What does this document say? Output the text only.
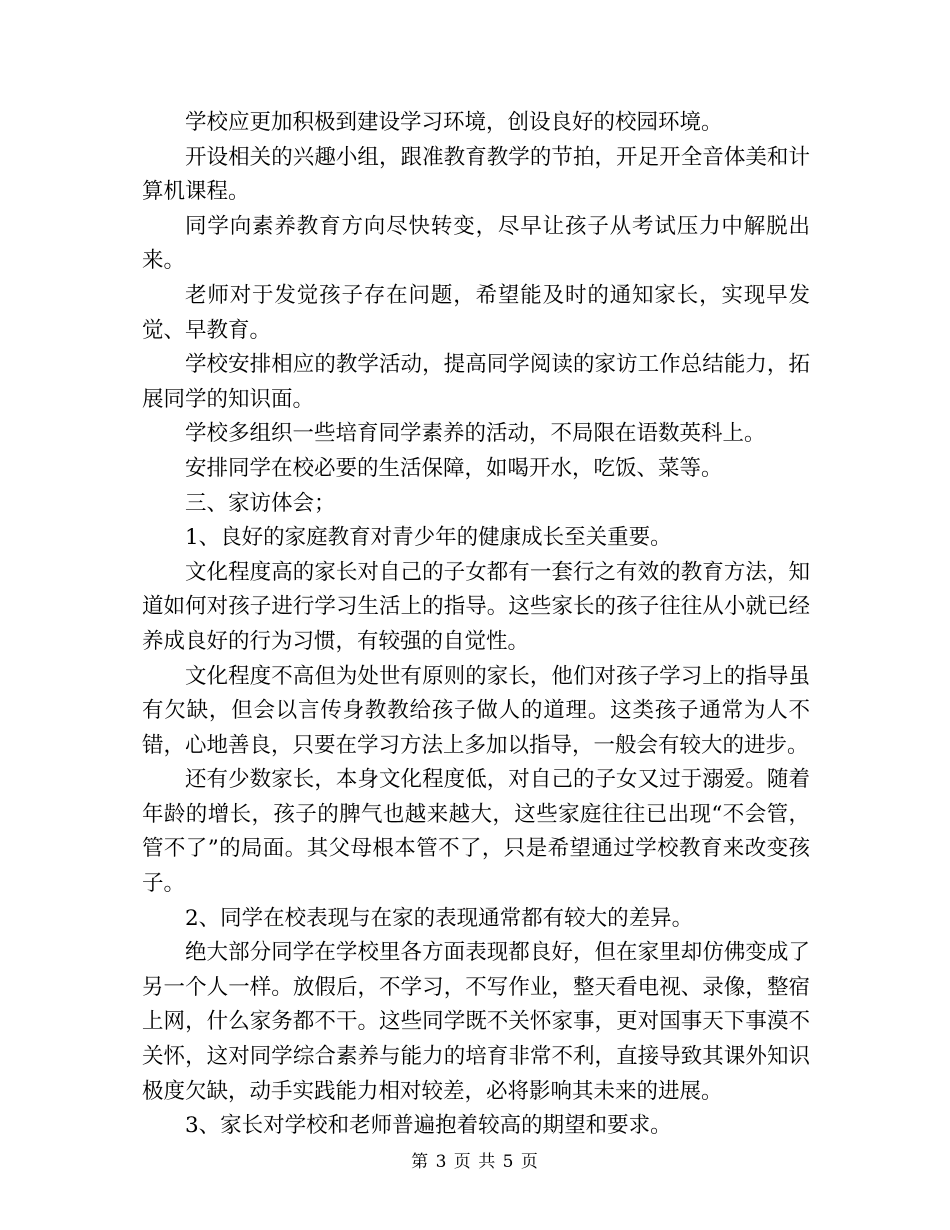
学校应更加积极到建设学习环境，创设良好的校园环境。

开设相关的兴趣小组，跟准教育教学的节拍，开足开全音体美和计算机课程。

同学向素养教育方向尽快转变，尽早让孩子从考试压力中解脱出来。

老师对于发觉孩子存在问题，希望能及时的通知家长，实现早发觉、早教育。

学校安排相应的教学活动，提高同学阅读的家访工作总结能力，拓展同学的知识面。

学校多组织一些培育同学素养的活动，不局限在语数英科上。

安排同学在校必要的生活保障，如喝开水，吃饭、菜等。

三、家访体会；

1、良好的家庭教育对青少年的健康成长至关重要。

文化程度高的家长对自己的子女都有一套行之有效的教育方法，知道如何对孩子进行学习生活上的指导。这些家长的孩子往往从小就已经养成良好的行为习惯，有较强的自觉性。

文化程度不高但为处世有原则的家长，他们对孩子学习上的指导虽有欠缺，但会以言传身教教给孩子做人的道理。这类孩子通常为人不错，心地善良，只要在学习方法上多加以指导，一般会有较大的进步。

还有少数家长，本身文化程度低，对自己的子女又过于溺爱。随着年龄的增长，孩子的脾气也越来越大，这些家庭往往已出现“不会管，管不了”的局面。其父母根本管不了，只是希望通过学校教育来改变孩子。

2、同学在校表现与在家的表现通常都有较大的差异。

绝大部分同学在学校里各方面表现都良好，但在家里却仿佛变成了另一个人一样。放假后，不学习，不写作业，整天看电视、录像，整宿上网，什么家务都不干。这些同学既不关怀家事，更对国事天下事漠不关怀，这对同学综合素养与能力的培育非常不利，直接导致其课外知识极度欠缺，动手实践能力相对较差，必将影响其未来的进展。

3、家长对学校和老师普遍抱着较高的期望和要求。

第 3 页 共 5 页
